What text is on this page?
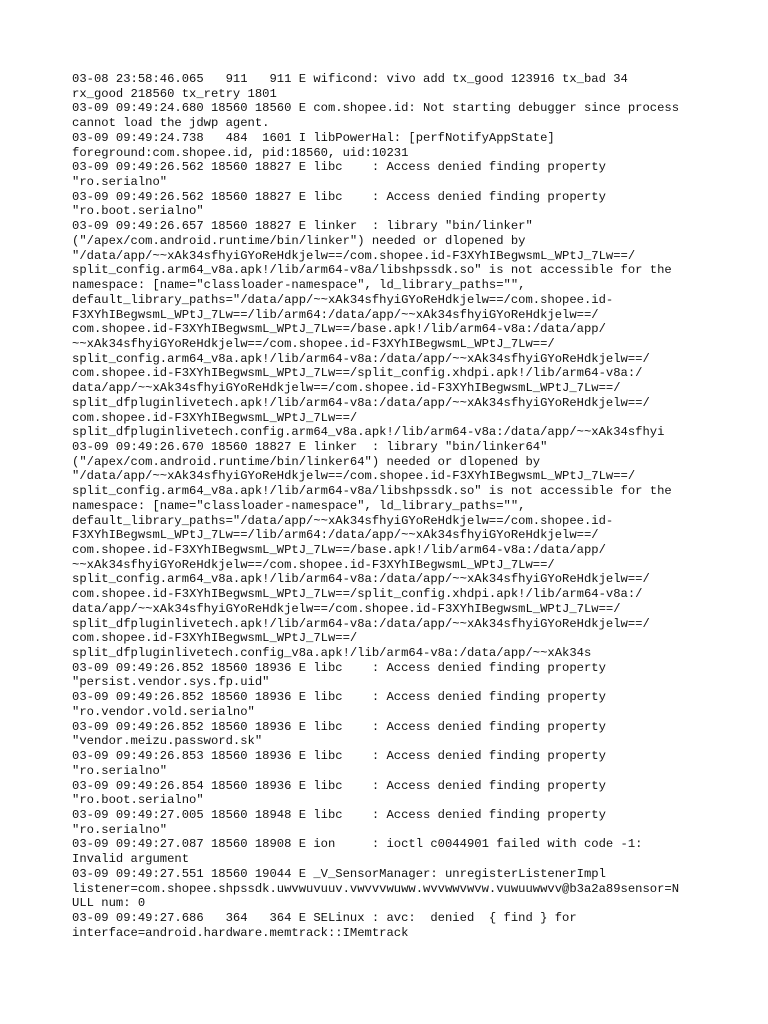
03-08 23:58:46.065   911   911 E wificond: vivo add tx_good 123916 tx_bad 34
rx_good 218560 tx_retry 1801
03-09 09:49:24.680 18560 18560 E com.shopee.id: Not starting debugger since process
cannot load the jdwp agent.
03-09 09:49:24.738   484  1601 I libPowerHal: [perfNotifyAppState]
foreground:com.shopee.id, pid:18560, uid:10231
03-09 09:49:26.562 18560 18827 E libc    : Access denied finding property
"ro.serialno"
03-09 09:49:26.562 18560 18827 E libc    : Access denied finding property
"ro.boot.serialno"
03-09 09:49:26.657 18560 18827 E linker  : library "bin/linker"
("/apex/com.android.runtime/bin/linker") needed or dlopened by
"/data/app/~~xAk34sfhyiGYoReHdkjelw==/com.shopee.id-F3XYhIBegwsmL_WPtJ_7Lw==/
split_config.arm64_v8a.apk!/lib/arm64-v8a/libshpssdk.so" is not accessible for the
namespace: [name="classloader-namespace", ld_library_paths="",
default_library_paths="/data/app/~~xAk34sfhyiGYoReHdkjelw==/com.shopee.id-
F3XYhIBegwsmL_WPtJ_7Lw==/lib/arm64:/data/app/~~xAk34sfhyiGYoReHdkjelw==/
com.shopee.id-F3XYhIBegwsmL_WPtJ_7Lw==/base.apk!/lib/arm64-v8a:/data/app/
~~xAk34sfhyiGYoReHdkjelw==/com.shopee.id-F3XYhIBegwsmL_WPtJ_7Lw==/
split_config.arm64_v8a.apk!/lib/arm64-v8a:/data/app/~~xAk34sfhyiGYoReHdkjelw==/
com.shopee.id-F3XYhIBegwsmL_WPtJ_7Lw==/split_config.xhdpi.apk!/lib/arm64-v8a:/
data/app/~~xAk34sfhyiGYoReHdkjelw==/com.shopee.id-F3XYhIBegwsmL_WPtJ_7Lw==/
split_dfpluginlivetech.apk!/lib/arm64-v8a:/data/app/~~xAk34sfhyiGYoReHdkjelw==/
com.shopee.id-F3XYhIBegwsmL_WPtJ_7Lw==/
split_dfpluginlivetech.config.arm64_v8a.apk!/lib/arm64-v8a:/data/app/~~xAk34sfhyi
03-09 09:49:26.670 18560 18827 E linker  : library "bin/linker64"
("/apex/com.android.runtime/bin/linker64") needed or dlopened by
"/data/app/~~xAk34sfhyiGYoReHdkjelw==/com.shopee.id-F3XYhIBegwsmL_WPtJ_7Lw==/
split_config.arm64_v8a.apk!/lib/arm64-v8a/libshpssdk.so" is not accessible for the
namespace: [name="classloader-namespace", ld_library_paths="",
default_library_paths="/data/app/~~xAk34sfhyiGYoReHdkjelw==/com.shopee.id-
F3XYhIBegwsmL_WPtJ_7Lw==/lib/arm64:/data/app/~~xAk34sfhyiGYoReHdkjelw==/
com.shopee.id-F3XYhIBegwsmL_WPtJ_7Lw==/base.apk!/lib/arm64-v8a:/data/app/
~~xAk34sfhyiGYoReHdkjelw==/com.shopee.id-F3XYhIBegwsmL_WPtJ_7Lw==/
split_config.arm64_v8a.apk!/lib/arm64-v8a:/data/app/~~xAk34sfhyiGYoReHdkjelw==/
com.shopee.id-F3XYhIBegwsmL_WPtJ_7Lw==/split_config.xhdpi.apk!/lib/arm64-v8a:/
data/app/~~xAk34sfhyiGYoReHdkjelw==/com.shopee.id-F3XYhIBegwsmL_WPtJ_7Lw==/
split_dfpluginlivetech.apk!/lib/arm64-v8a:/data/app/~~xAk34sfhyiGYoReHdkjelw==/
com.shopee.id-F3XYhIBegwsmL_WPtJ_7Lw==/
split_dfpluginlivetech.config_v8a.apk!/lib/arm64-v8a:/data/app/~~xAk34s
03-09 09:49:26.852 18560 18936 E libc    : Access denied finding property
"persist.vendor.sys.fp.uid"
03-09 09:49:26.852 18560 18936 E libc    : Access denied finding property
"ro.vendor.vold.serialno"
03-09 09:49:26.852 18560 18936 E libc    : Access denied finding property
"vendor.meizu.password.sk"
03-09 09:49:26.853 18560 18936 E libc    : Access denied finding property
"ro.serialno"
03-09 09:49:26.854 18560 18936 E libc    : Access denied finding property
"ro.boot.serialno"
03-09 09:49:27.005 18560 18948 E libc    : Access denied finding property
"ro.serialno"
03-09 09:49:27.087 18560 18908 E ion     : ioctl c0044901 failed with code -1:
Invalid argument
03-09 09:49:27.551 18560 19044 E _V_SensorManager: unregisterListenerImpl
listener=com.shopee.shpssdk.uwvwuvuuv.vwvvvwuww.wvvwwvwvw.vuwuuwwvv@b3a2a89sensor=N
ULL num: 0
03-09 09:49:27.686   364   364 E SELinux : avc:  denied  { find } for
interface=android.hardware.memtrack::IMemtrack
